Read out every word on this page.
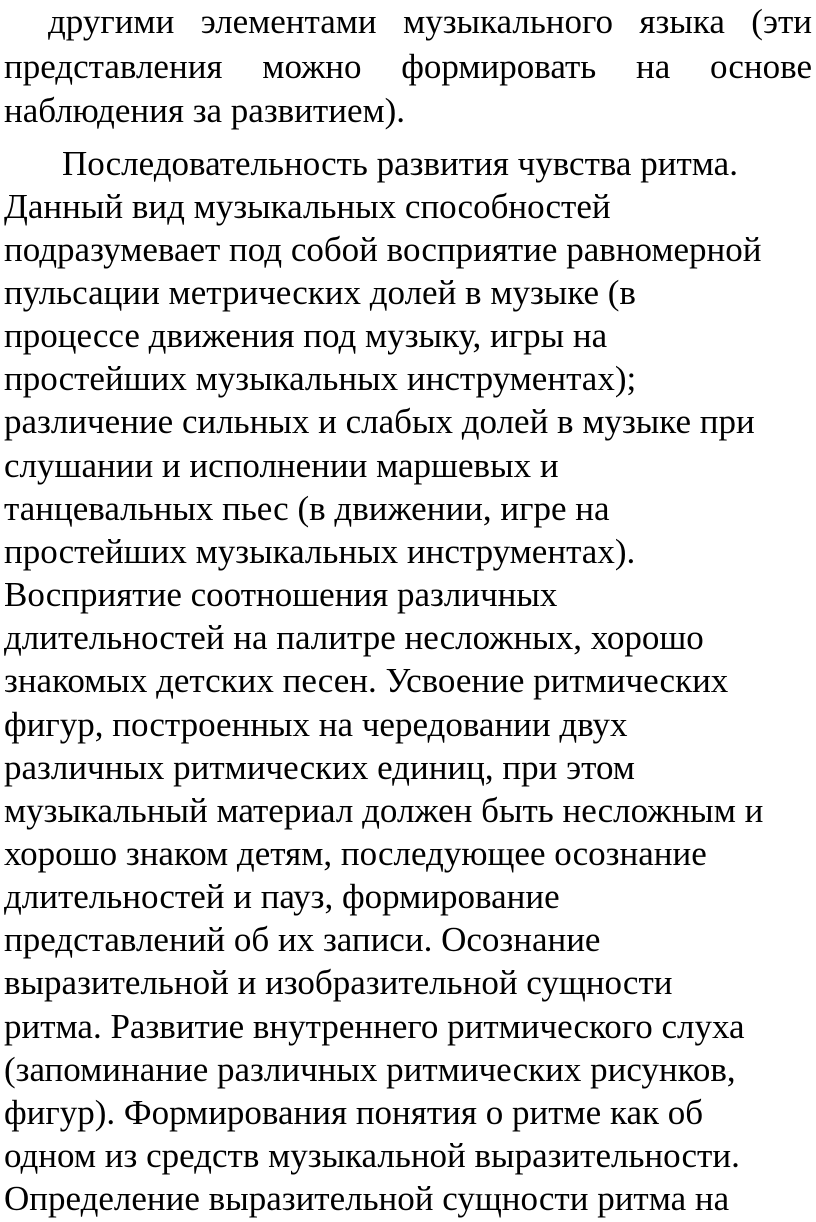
другими элементами музыкального языка (эти
представления можно формировать на основе
наблюдения за развитием).
Последовательность развития чувства ритма.
Данный вид музыкальных способностей
подразумевает под собой восприятие равномерной
пульсации метрических долей в музыке (в
процессе движения под музыку, игры на
простейших музыкальных инструментах);
различение сильных и слабых долей в музыке при
слушании и исполнении маршевых и
танцевальных пьес (в движении, игре на
простейших музыкальных инструментах).
Восприятие соотношения различных
длительностей на палитре несложных, хорошо
знакомых детских песен. Усвоение ритмических
фигур, построенных на чередовании двух
различных ритмических единиц, при этом
музыкальный материал должен быть несложным и
хорошо знаком детям, последующее осознание
длительностей и пауз, формирование
представлений об их записи. Осознание
выразительной и изобразительной сущности
ритма. Развитие внутреннего ритмического слуха
(запоминание различных ритмических рисунков,
фигур). Формирования понятия о ритме как об
одном из средств музыкальной выразительности.
Определение выразительной сущности ритма на
